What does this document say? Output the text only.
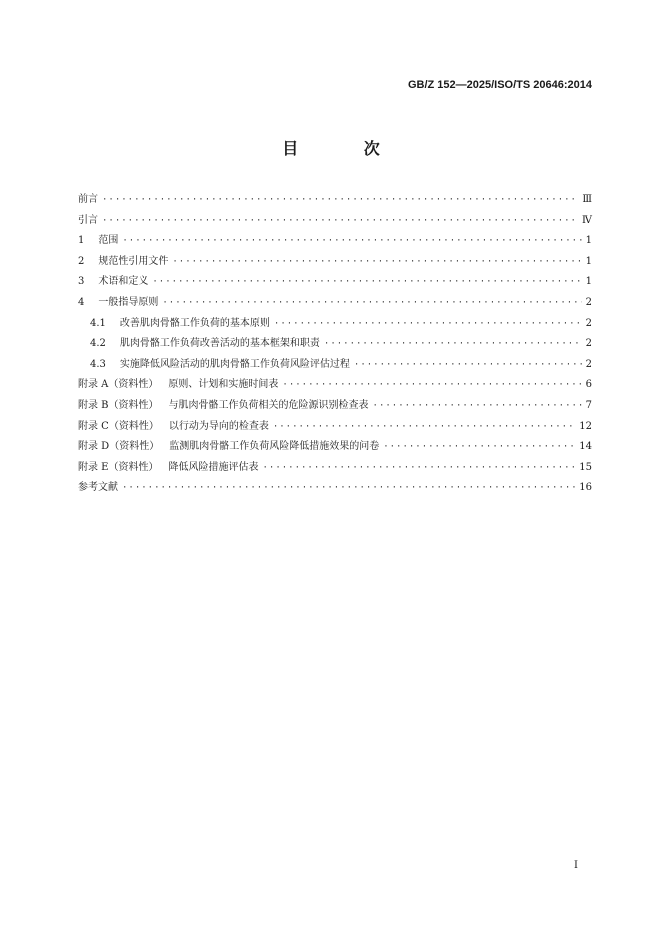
GB/Z 152—2025/ISO/TS 20646:2014
目 次
前言 ·····	Ⅲ
引言 ·····	Ⅳ
1 范围 ·····	1
2 规范性引用文件 ·····	1
3 术语和定义 ·····	1
4 一般指导原则 ·····	2
4.1 改善肌肉骨骼工作负荷的基本原则 ·····	2
4.2 肌肉骨骼工作负荷改善活动的基本框架和职责 ·····	2
4.3 实施降低风险活动的肌肉骨骼工作负荷风险评估过程 ·····	2
附录 A（资料性） 原则、计划和实施时间表 ·····	6
附录 B（资料性） 与肌肉骨骼工作负荷相关的危险源识别检查表 ·····	7
附录 C（资料性） 以行动为导向的检查表 ·····	12
附录 D（资料性） 监测肌肉骨骼工作负荷风险降低措施效果的问卷 ·····	14
附录 E（资料性） 降低风险措施评估表 ·····	15
参考文献 ·····	16
I
